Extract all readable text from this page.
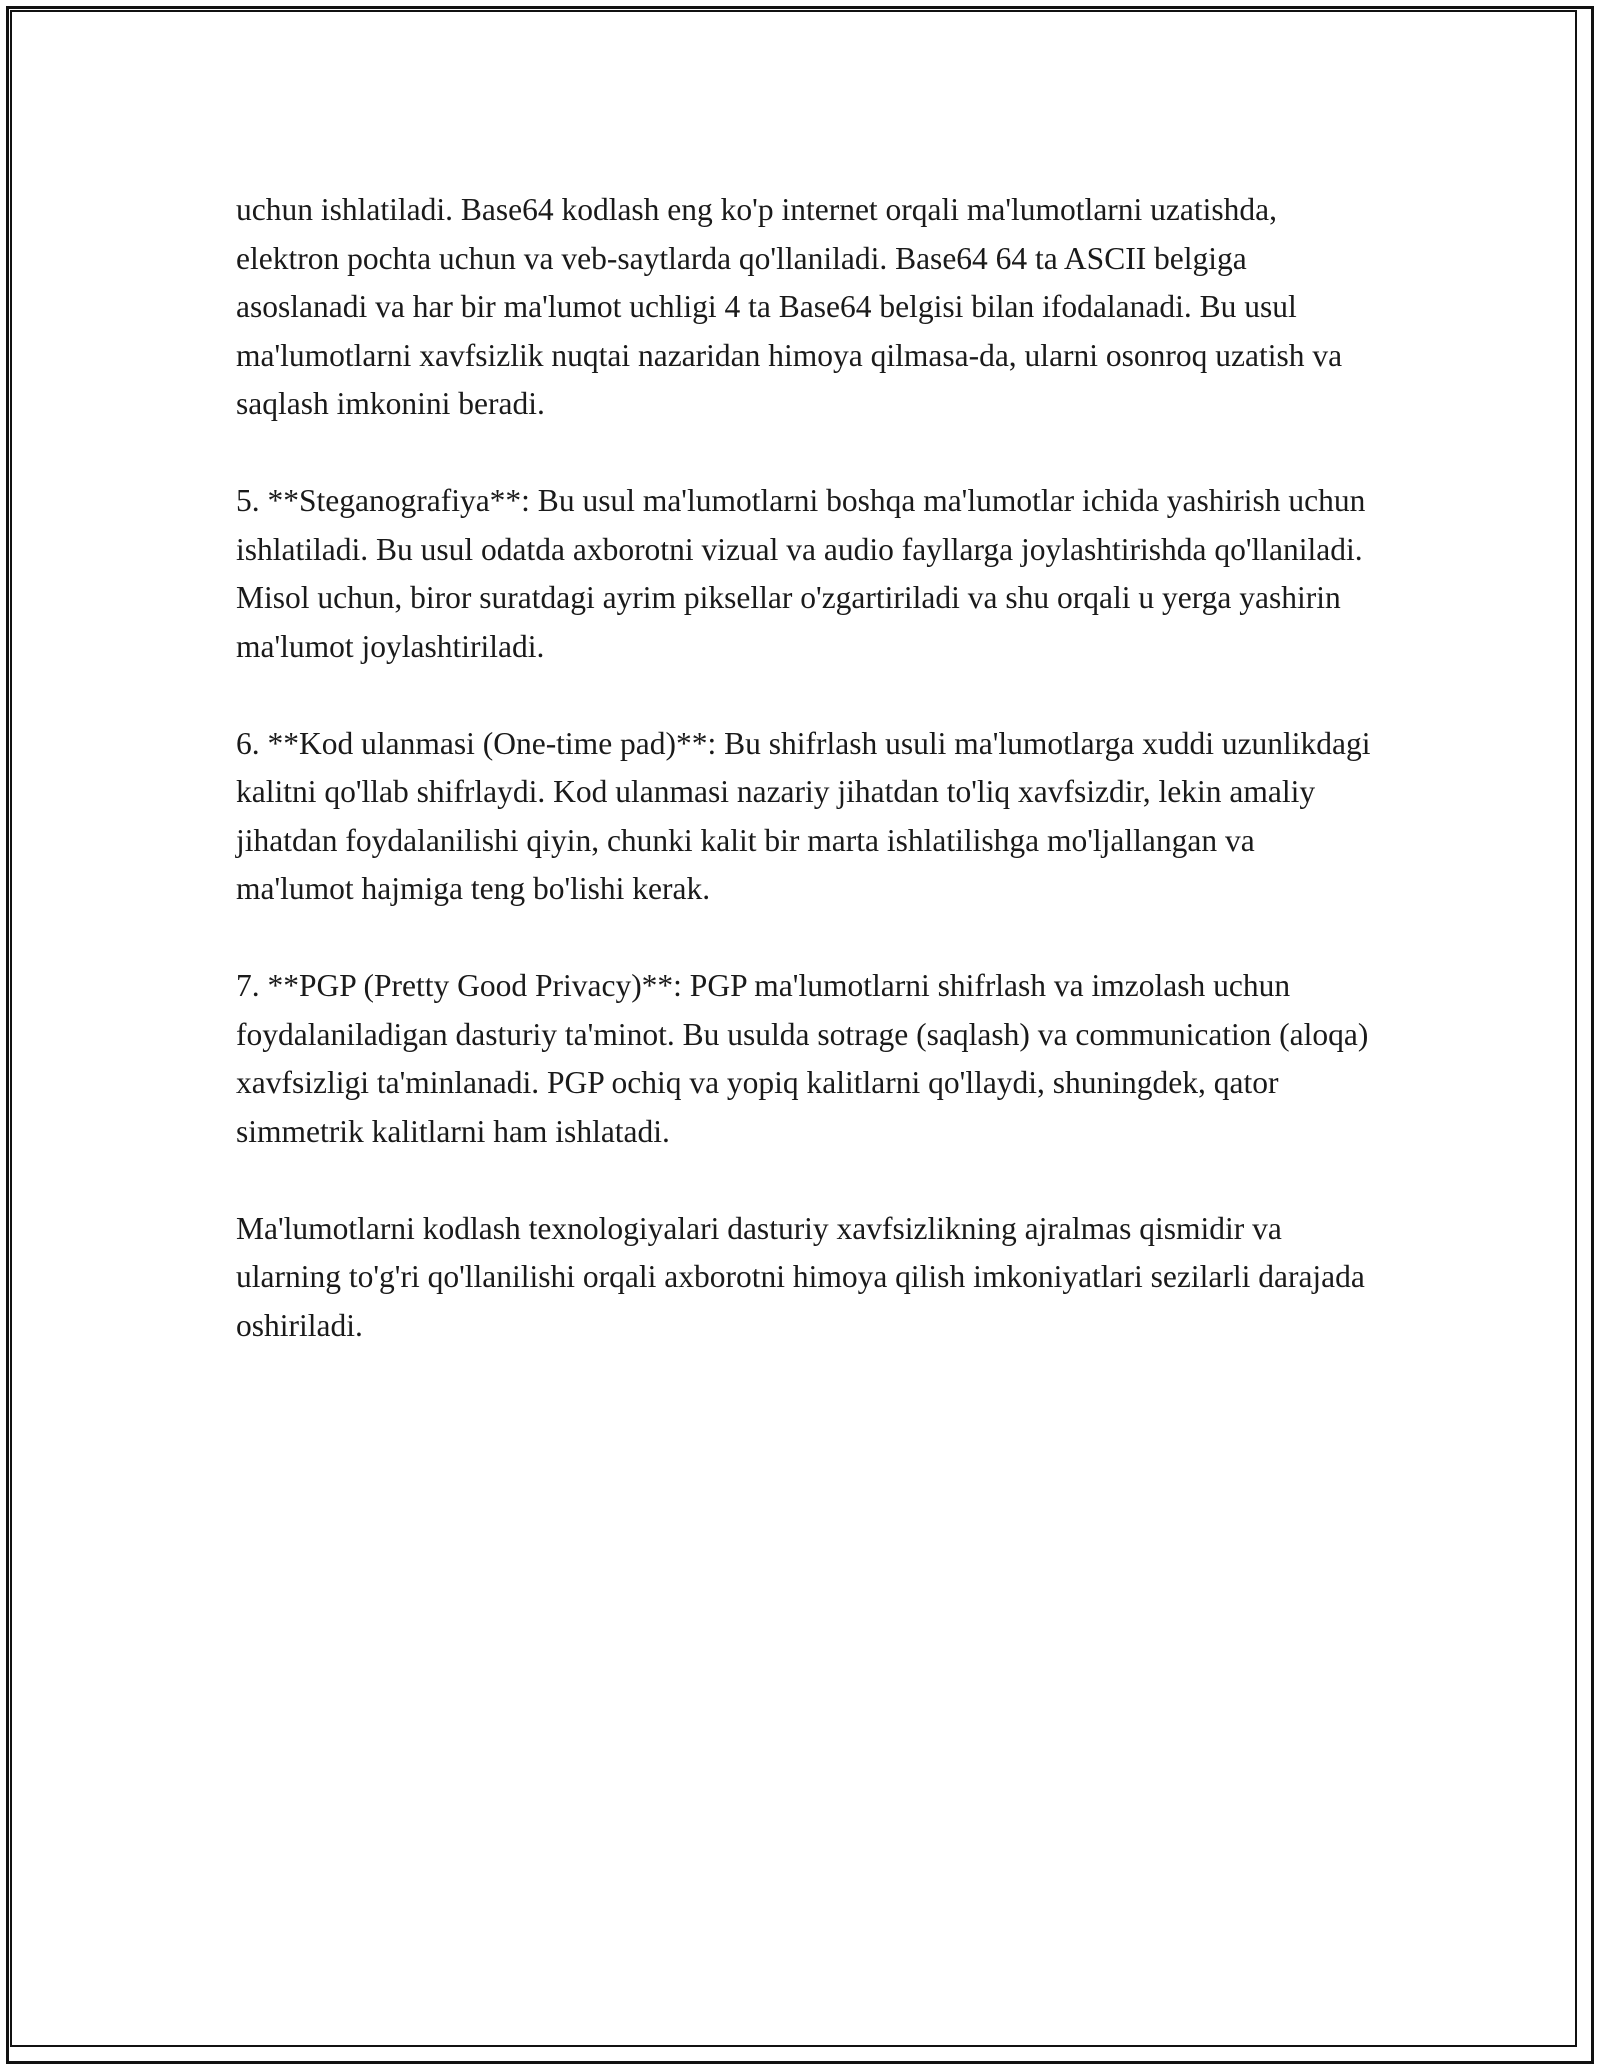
uchun ishlatiladi. Base64 kodlash eng ko'p internet orqali ma'lumotlarni uzatishda, elektron pochta uchun va veb-saytlarda qo'llaniladi. Base64 64 ta ASCII belgiga asoslanadi va har bir ma'lumot uchligi 4 ta Base64 belgisi bilan ifodalanadi. Bu usul ma'lumotlarni xavfsizlik nuqtai nazaridan himoya qilmasa-da, ularni osonroq uzatish va saqlash imkonini beradi.

5. **Steganografiya**: Bu usul ma'lumotlarni boshqa ma'lumotlar ichida yashirish uchun ishlatiladi. Bu usul odatda axborotni vizual va audio fayllarga joylashtirishda qo'llaniladi. Misol uchun, biror suratdagi ayrim piksellar o'zgartiriladi va shu orqali u yerga yashirin ma'lumot joylashtiriladi.

6. **Kod ulanmasi (One-time pad)**: Bu shifrlash usuli ma'lumotlarga xuddi uzunlikdagi kalitni qo'llab shifrlaydi. Kod ulanmasi nazariy jihatdan to'liq xavfsizdir, lekin amaliy jihatdan foydalanilishi qiyin, chunki kalit bir marta ishlatilishga mo'ljallangan va ma'lumot hajmiga teng bo'lishi kerak.

7. **PGP (Pretty Good Privacy)**: PGP ma'lumotlarni shifrlash va imzolash uchun foydalaniladigan dasturiy ta'minot. Bu usulda sotrage (saqlash) va communication (aloqa) xavfsizligi ta'minlanadi. PGP ochiq va yopiq kalitlarni qo'llaydi, shuningdek, qator simmetrik kalitlarni ham ishlatadi.

Ma'lumotlarni kodlash texnologiyalari dasturiy xavfsizlikning ajralmas qismidir va ularning to'g'ri qo'llanilishi orqali axborotni himoya qilish imkoniyatlari sezilarli darajada oshiriladi.
